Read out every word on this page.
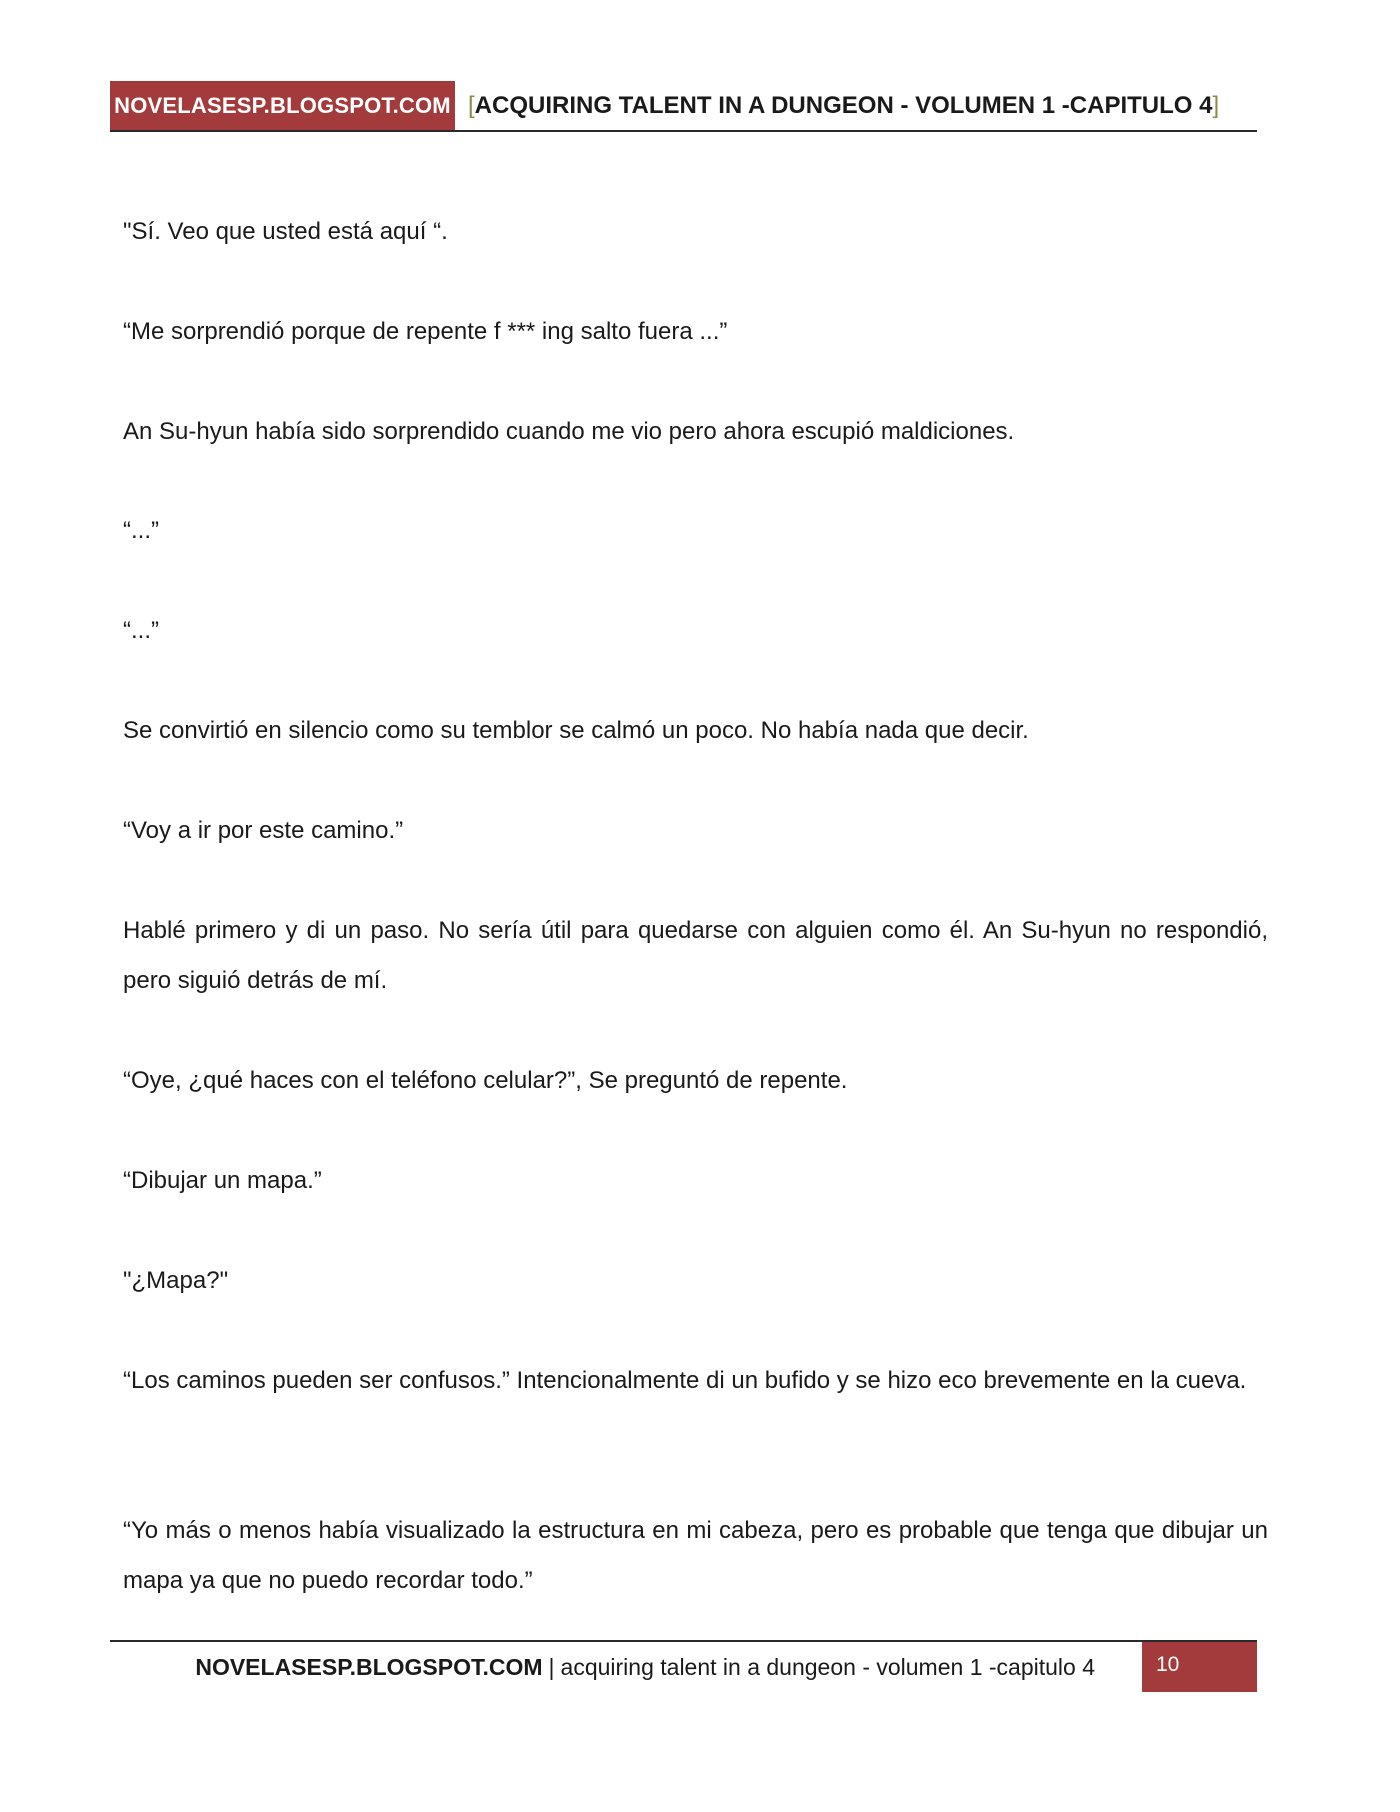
NOVELASESP.BLOGSPOT.COM [ACQUIRING TALENT IN A DUNGEON - VOLUMEN 1 -CAPITULO 4]

"Sí. Veo que usted está aquí “.

“Me sorprendió porque de repente f *** ing salto fuera ...”

An Su-hyun había sido sorprendido cuando me vio pero ahora escupió maldiciones.

“...”

“...”

Se convirtió en silencio como su temblor se calmó un poco. No había nada que decir.

“Voy a ir por este camino.”

Hablé primero y di un paso. No sería útil para quedarse con alguien como él. An Su-hyun no respondió, pero siguió detrás de mí.

“Oye, ¿qué haces con el teléfono celular?”, Se preguntó de repente.

“Dibujar un mapa.”

"¿Mapa?"

“Los caminos pueden ser confusos.” Intencionalmente di un bufido y se hizo eco brevemente en la cueva.

“Yo más o menos había visualizado la estructura en mi cabeza, pero es probable que tenga que dibujar un mapa ya que no puedo recordar todo.”

NOVELASESP.BLOGSPOT.COM | acquiring talent in a dungeon - volumen 1 -capitulo 4	10
